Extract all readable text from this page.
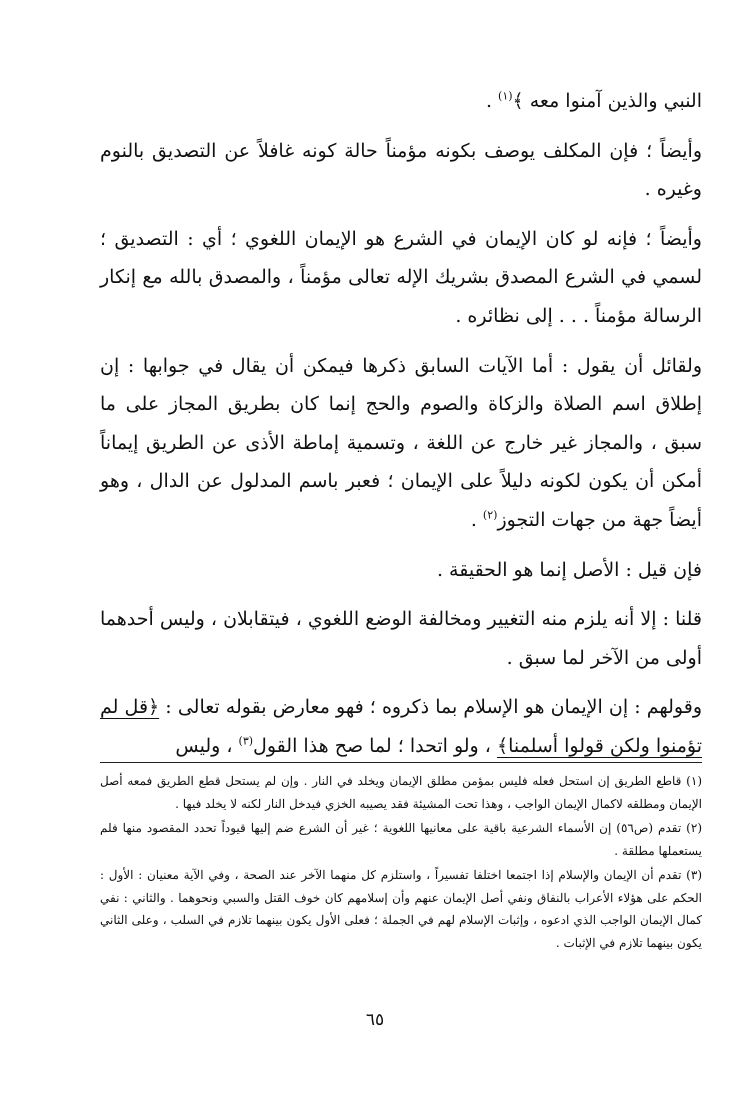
النبي والذين آمنوا معه ﴾$^{(١)}$ .

وأيضاً ؛ فإن المكلف يوصف بكونه مؤمناً حالة كونه غافلاً عن التصديق بالنوم وغيره .

وأيضاً ؛ فإنه لو كان الإيمان في الشرع هو الإيمان اللغوي ؛ أي : التصديق ؛ لسمي في الشرع المصدق بشريك الإله تعالى مؤمناً ، والمصدق بالله مع إنكار الرسالة مؤمناً . . . إلى نظائره .

ولقائل أن يقول : أما الآيات السابق ذكرها فيمكن أن يقال في جوابها : إن إطلاق اسم الصلاة والزكاة والصوم والحج إنما كان بطريق المجاز على ما سبق ، والمجاز غير خارج عن اللغة ، وتسمية إماطة الأذى عن الطريق إيماناً أمكن أن يكون لكونه دليلاً على الإيمان ؛ فعبر باسم المدلول عن الدال ، وهو أيضاً جهة من جهات التجوز$^{(٢)}$ .

فإن قيل : الأصل إنما هو الحقيقة .

قلنا : إلا أنه يلزم منه التغيير ومخالفة الوضع اللغوي ، فيتقابلان ، وليس أحدهما أولى من الآخر لما سبق .

وقولهم : إن الإيمان هو الإسلام بما ذكروه ؛ فهو معارض بقوله تعالى : ﴿قل لم تؤمنوا ولكن قولوا أسلمنا﴾ ، ولو اتحدا ؛ لما صح هذا القول$^{(٣)}$ ، وليس

(١) قاطع الطريق إن استحل فعله فليس بمؤمن مطلق الإيمان ويخلد في النار . وإن لم يستحل قطع الطريق فمعه أصل الإيمان ومطلقه لاكمال الإيمان الواجب ، وهذا تحت المشيئة فقد يصيبه الخزي فيدخل النار لكنه لا يخلد فيها .

(٢) تقدم (ص٥٦) إن الأسماء الشرعية باقية على معانيها اللغوية ؛ غير أن الشرع ضم إليها قيوداً تحدد المقصود منها فلم يستعملها مطلقة .

(٣) تقدم أن الإيمان والإسلام إذا اجتمعا اختلفا تفسيراً ، واستلزم كل منهما الآخر عند الصحة ، وفي الآية معنيان : الأول : الحكم على هؤلاء الأعراب بالنفاق ونفي أصل الإيمان عنهم وأن إسلامهم كان خوف القتل والسبي ونحوهما . والثاني : نفي كمال الإيمان الواجب الذي ادعوه ، وإثبات الإسلام لهم في الجملة ؛ فعلى الأول يكون بينهما تلازم في السلب ، وعلى الثاني يكون بينهما تلازم في الإثبات .

٦٥
